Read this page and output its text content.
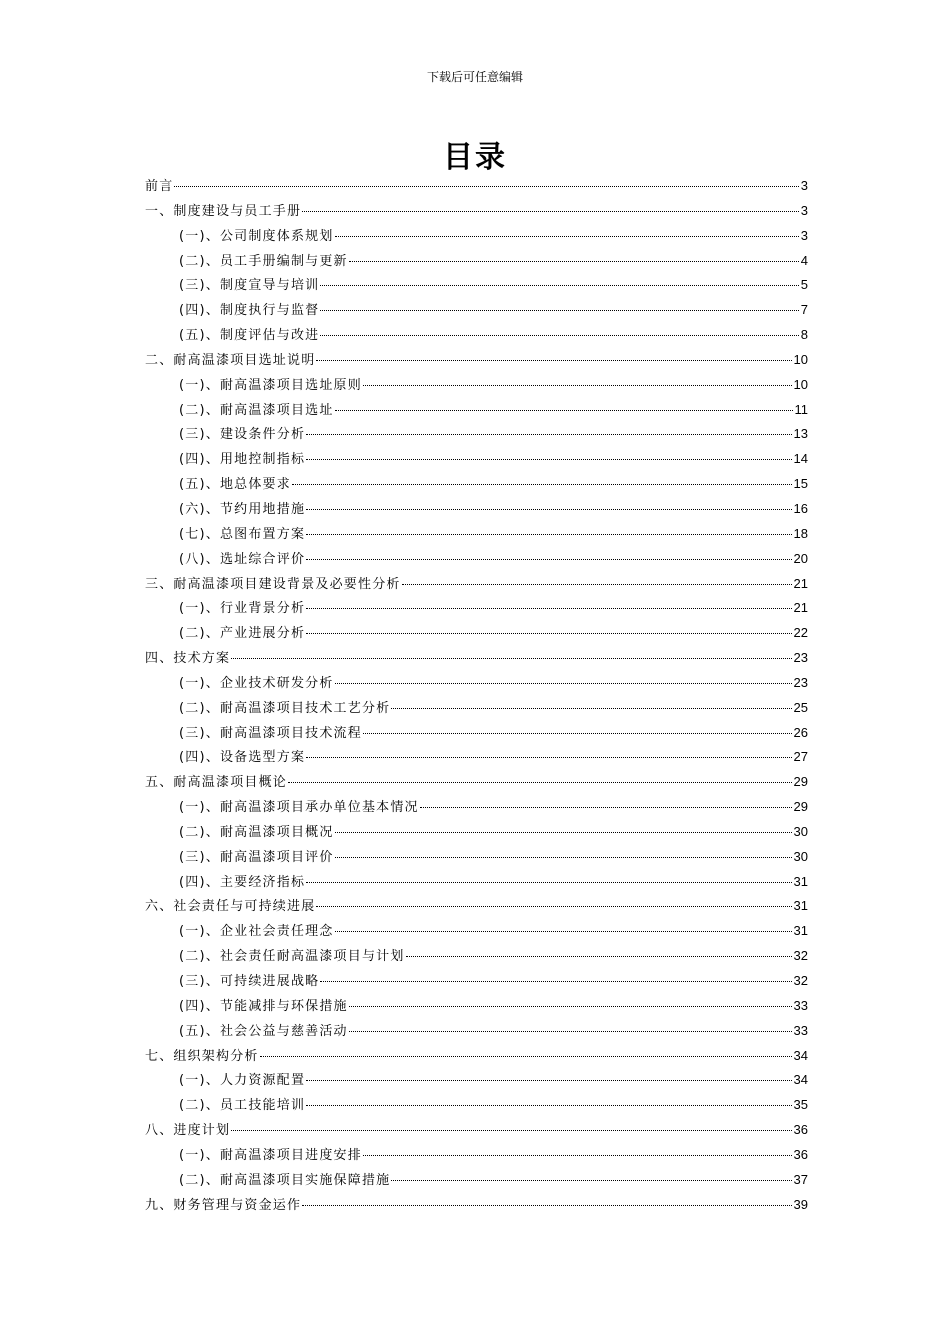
下载后可任意编辑
目录
前言	3
一、制度建设与员工手册	3
(一)、公司制度体系规划	3
(二)、员工手册编制与更新	4
(三)、制度宣导与培训	5
(四)、制度执行与监督	7
(五)、制度评估与改进	8
二、耐高温漆项目选址说明	10
(一)、耐高温漆项目选址原则	10
(二)、耐高温漆项目选址	11
(三)、建设条件分析	13
(四)、用地控制指标	14
(五)、地总体要求	15
(六)、节约用地措施	16
(七)、总图布置方案	18
(八)、选址综合评价	20
三、耐高温漆项目建设背景及必要性分析	21
(一)、行业背景分析	21
(二)、产业进展分析	22
四、技术方案	23
(一)、企业技术研发分析	23
(二)、耐高温漆项目技术工艺分析	25
(三)、耐高温漆项目技术流程	26
(四)、设备选型方案	27
五、耐高温漆项目概论	29
(一)、耐高温漆项目承办单位基本情况	29
(二)、耐高温漆项目概况	30
(三)、耐高温漆项目评价	30
(四)、主要经济指标	31
六、社会责任与可持续进展	31
(一)、企业社会责任理念	31
(二)、社会责任耐高温漆项目与计划	32
(三)、可持续进展战略	32
(四)、节能减排与环保措施	33
(五)、社会公益与慈善活动	33
七、组织架构分析	34
(一)、人力资源配置	34
(二)、员工技能培训	35
八、进度计划	36
(一)、耐高温漆项目进度安排	36
(二)、耐高温漆项目实施保障措施	37
九、财务管理与资金运作	39
